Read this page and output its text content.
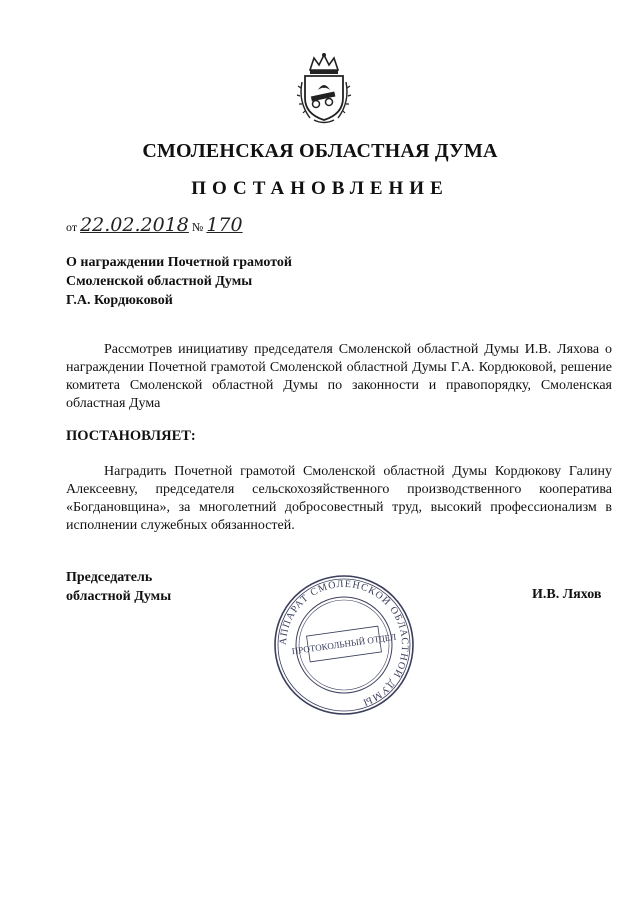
СМОЛЕНСКАЯ ОБЛАСТНАЯ ДУМА
ПОСТАНОВЛЕНИЕ
от 22.02.2018 № 170
О награждении Почетной грамотой
Смоленской областной Думы
Г.А. Кордюковой
Рассмотрев инициативу председателя Смоленской областной Думы И.В. Ляхова о награждении Почетной грамотой Смоленской областной Думы Г.А. Кордюковой, решение комитета Смоленской областной Думы по законности и правопорядку, Смоленская областная Дума
ПОСТАНОВЛЯЕТ:
Наградить Почетной грамотой Смоленской областной Думы Кордюкову Галину Алексеевну, председателя сельскохозяйственного производственного кооператива «Богдановщина», за многолетний добросовестный труд, высокий профессионализм в исполнении служебных обязанностей.
Председатель
областной Думы	И.В. Ляхов
АППАРАТ СМОЛЕНСКОЙ ОБЛАСТНОЙ ДУМЫ
ПРОТОКОЛЬНЫЙ ОТДЕЛ
